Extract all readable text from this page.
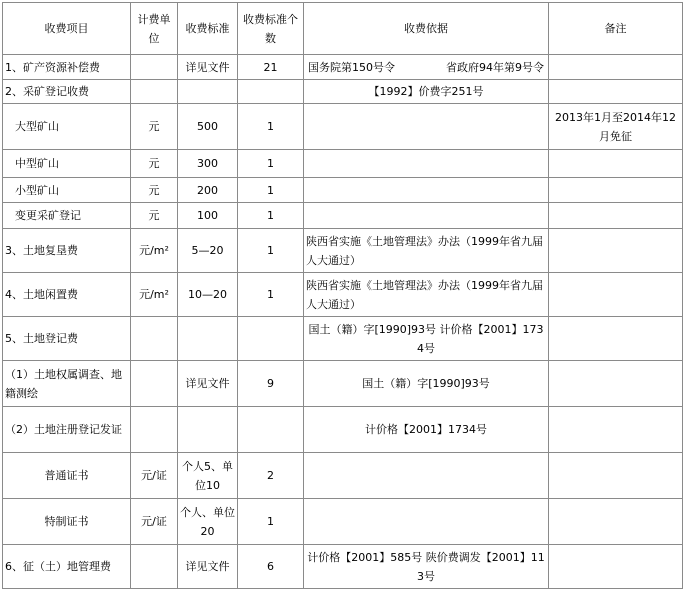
收费项目	计费单位	收费标准	收费标准个数	收费依据	备注
1、矿产资源补偿费		详见文件	21	国务院第150号令 省政府94年第9号令	

2、采矿登记收费				【1992】价费字251号	
大型矿山	元	500	1		2013年1月至2014年12月免征
中型矿山	元	300	1		
小型矿山	元	200	1		
变更采矿登记	元	100	1		
3、土地复垦费	元/m²	5—20	1	陕西省实施《土地管理法》办法（1999年省九届人大通过）	
4、土地闲置费	元/m²	10—20	1	陕西省实施《土地管理法》办法（1999年省九届人大通过）	
5、土地登记费				国土（籍）字[1990]93号 计价格【2001】1734号	
（1）土地权属调查、地籍测绘		详见文件	9	国土（籍）字[1990]93号	
（2）土地注册登记发证				计价格【2001】1734号	
普通证书	元/证	个人5、单位10	2		
特制证书	元/证	个人、单位20	1		
6、征（土）地管理费		详见文件	6	计价格【2001】585号 陕价费调发【2001】113号	
